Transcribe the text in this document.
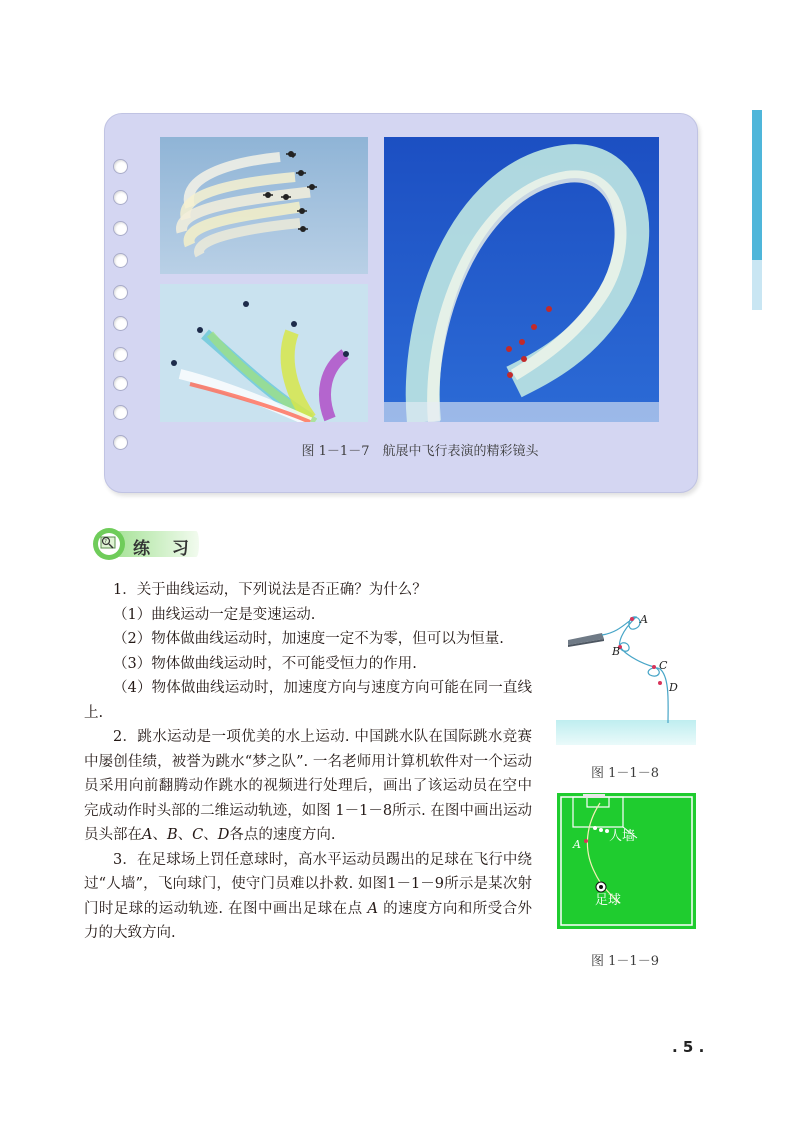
图 1－1－7　航展中飞行表演的精彩镜头
? 练 习

1．关于曲线运动，下列说法是否正确？为什么？

（1）曲线运动一定是变速运动.

（2）物体做曲线运动时，加速度一定不为零，但可以为恒量.

（3）物体做曲线运动时，不可能受恒力的作用.

（4）物体做曲线运动时，加速度方向与速度方向可能在同一直线上.

2．跳水运动是一项优美的水上运动. 中国跳水队在国际跳水竞赛中屡创佳绩，被誉为跳水“梦之队”. 一名老师用计算机软件对一个运动员采用向前翻腾动作跳水的视频进行处理后，画出了该运动员在空中完成动作时头部的二维运动轨迹，如图 1－1－8所示. 在图中画出运动员头部在A、B、C、D各点的速度方向.

3．在足球场上罚任意球时，高水平运动员踢出的足球在飞行中绕过“人墙”，飞向球门，使守门员难以扑救. 如图1－1－9所示是某次射门时足球的运动轨迹. 在图中画出足球在点 A 的速度方向和所受合外力的大致方向.

A
B
C
D
图 1－1－8
人墙
A
足球
图 1－1－9
. 5 .
